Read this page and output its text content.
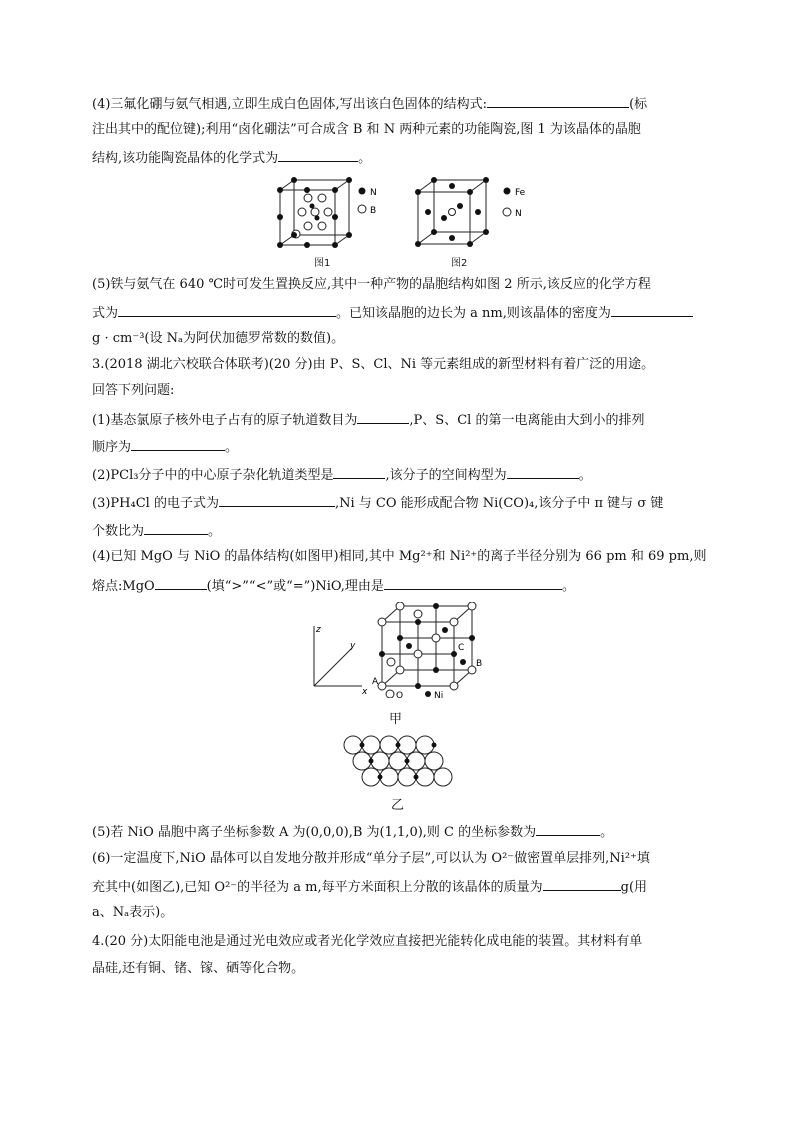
(4)三氟化硼与氨气相遇,立即生成白色固体,写出该白色固体的结构式:	(标
注出其中的配位键);利用“卤化硼法”可合成含 B 和 N 两种元素的功能陶瓷,图 1 为该晶体的晶胞
结构,该功能陶瓷晶体的化学式为	。
N
B
图1
Fe
N
图2
(5)铁与氨气在 640 ℃时可发生置换反应,其中一种产物的晶胞结构如图 2 所示,该反应的化学方程
式为	。已知该晶胞的边长为 a nm,则该晶体的密度为
g · cm⁻³(设 Nₐ为阿伏加德罗常数的数值)。
3.(2018 湖北六校联合体联考)(20 分)由 P、S、Cl、Ni 等元素组成的新型材料有着广泛的用途。
回答下列问题:
(1)基态氯原子核外电子占有的原子轨道数目为	,P、S、Cl 的第一电离能由大到小的排列
顺序为	。
(2)PCl₃分子中的中心原子杂化轨道类型是	,该分子的空间构型为	。
(3)PH₄Cl 的电子式为	,Ni 与 CO 能形成配合物 Ni(CO)₄,该分子中 π 键与 σ 键
个数比为	。
(4)已知 MgO 与 NiO 的晶体结构(如图甲)相同,其中 Mg²⁺和 Ni²⁺的离子半径分别为 66 pm 和 69 pm,则
熔点:MgO	(填“>”“<”或“=”)NiO,理由是	。
z
y
x
A
B
C
O	Ni
甲
乙
(5)若 NiO 晶胞中离子坐标参数 A 为(0,0,0),B 为(1,1,0),则 C 的坐标参数为	。
(6)一定温度下,NiO 晶体可以自发地分散并形成“单分子层”,可以认为 O²⁻做密置单层排列,Ni²⁺填
充其中(如图乙),已知 O²⁻的半径为 a m,每平方米面积上分散的该晶体的质量为	g(用
a、Nₐ表示)。
4.(20 分)太阳能电池是通过光电效应或者光化学效应直接把光能转化成电能的装置。其材料有单
晶硅,还有铜、锗、镓、硒等化合物。
